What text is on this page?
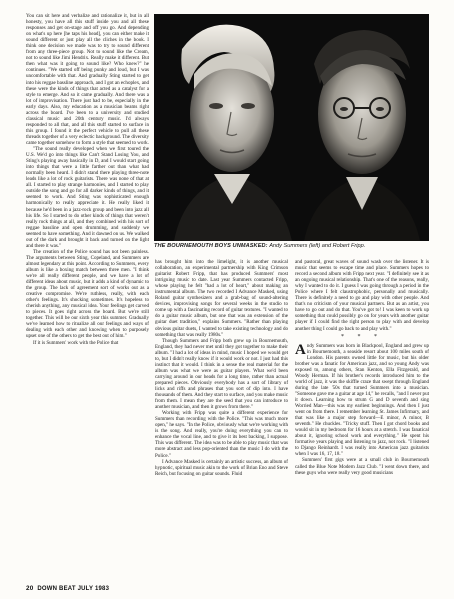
You can sit here and verbalize and rationalize it, but in all honesty, you have all this stuff inside you and all these responses and get on-stage and off you go. And depending on what's up here [he taps his head], you can either make it sound different or just play all the cliches in the book. I think one decision we made was to try to sound different from any three-piece group. Not to sound like the Cream, not to sound like Jimi Hendrix. Really make it different. But then what was it going to sound like? Who knew?" he continues. "We started off being punky and loud, but I was uncomfortable with that. And gradually Sting started to get into his reggae bassline approach, and I got an echoplex, and these were the kinds of things that acted as a catalyst for a style to emerge. And so it came gradually. And there was a lot of improvisation. There just had to be, especially in the early days. Also, my education as a musician beams right across the board. I've been to a university and studied classical music and 20th century music. I'd always responded to all that, and all this stuff started to surface in this group. I found it the perfect vehicle to pull all these threads together of a very eclectic background. The diversity came together somehow to form a style that seemed to work.

"The sound really developed when we first toured the U.S. We'd go into things like Can't Stand Losing You, and Sting's playing away basically in D, and I would start going into things that were a little farther out than what had normally been heard. I didn't stand there playing three-note leads like a lot of rock guitarists. There was none of that at all. I started to play strange harmonies, and I started to play outside the song and go for all darker kinds of things, and it seemed to work. And Sting was sophisticated enough harmonically to really appreciate it. He really liked it because he'd been in a jazz-rock group and been into jazz all his life. So I started to do other kinds of things that weren't really rock things at all, and they combined with his sort of reggae bassline and open drumming, and suddenly we seemed to have something. And it dawned on us. We walked out of the dark and brought it back and turned on the light and there it was."

The creation of the Police sound has not been painless. The arguments between Sting, Copeland, and Summers are almost legendary at this point. According to Summers, every album is like a boxing match between three men. "I think we're all really different people, and we have a lot of different ideas about music, but it adds a kind of dynamic to the group. The lack of agreement sort of works out as a creative compromise. We're ruthless, really, with each other's feelings. It's shocking sometimes. It's hopeless to cherish anything, any musical idea. Your feelings get carved to pieces. It goes right across the board. But we're still together. This will be our sixth year this summer. Gradually we've learned how to ritualize all our feelings and ways of dealing with each other and knowing when to purposely upset one of the others to get the best out of him."

If it is Summers' work with the Police that

THE BOURNEMOUTH BOYS UNMASKED: Andy Summers (left) and Robert Fripp.

has brought him into the limelight, it is another musical collaboration, an experimental partnership with King Crimson guitarist Robert Fripp, that has produced Summers' most intriguing music to date. Last year Summers contacted Fripp, whose playing he felt "had a lot of heart," about making an instrumental album. The two recorded I Advance Masked, using Roland guitar synthesizers and a grab-bag of sound-altering devices, improvising songs for several weeks in the studio to come up with a fascinating record of guitar textures. "I wanted to do a guitar music album, but one that was an extension of the guitar duet tradition," explains Summers. "Rather than playing obvious guitar duets, I wanted to take existing technology and do something that was really 1980s."

Though Summers and Fripp both grew up in Bournemouth, England, they had never met until they got together to make their album. "I had a lot of ideas in mind, music I hoped we would get to, but I didn't really know if it would work or not. I just had this instinct that it would. I think in a sense the real material for the album was what we were as guitar players. What we'd been carrying around in our heads for a long time, rather than actual prepared pieces. Obviously everybody has a sort of library of licks and riffs and phrases that you sort of dip into. I have thousands of them. And they start to surface, and you make music from them. I mean they are the seed that you can introduce to another musician, and then it grows from there."

Working with Fripp was quite a different experience for Summers than recording with the Police. "This was much more open," he says. "In the Police, obviously what we're working with is the song. And really, you're doing everything you can to enhance the vocal line, and to give it its best backing, I suppose. This was different. The idea was to be able to play music that was more abstract and less pop-oriented than the music I do with the Police."

I Advance Masked is certainly an artistic success, an album of hypnotic, spiritual music akin to the work of Brian Eno and Steve Reich, but focusing on guitar sounds. Fluid

and pastoral, great waves of sound wash over the listener. It is music that seems to escape time and place. Summers hopes to record a second album with Fripp next year. "I definitely see it as an ongoing musical relationship. That's one of the reasons, really, why I wanted to do it. I guess I was going through a period in the Police where I felt claustrophobic, personally and musically. There is definitely a need to go and play with other people. And that's no criticism of your musical partners. But as an artist, you have to go out and do that. You've got to! I was keen to work up something that could possibly go on for years with another guitar player if I could find the right person to play with and develop another thing I could go back to and play with."

* * *

Andy Summers was born in Blackpool, England and grew up in Bournemouth, a seaside resort about 100 miles south of London. His parents owned little for music, but his older brother was a fanatic for American jazz, and so young Andy was exposed to, among others, Stan Kenton, Ella Fitzgerald, and Woody Herman. If his brother's records introduced him to the world of jazz, it was the skiffle craze that swept through England during the late '50s that turned Summers into a musician. "Someone gave me a guitar at age 14," he recalls, "and I never put it down. Learning how to strum G and D seventh and sing Worried Man—this was my earliest beginnings. And then I just went on from there. I remember learning St. James Infirmary, and that was like a major step forward—E minor, A minor, B seventh." He chuckles. "Tricky stuff. Then I got chord books and would sit in my bedroom for 16 hours at a stretch. I was fanatical about it, ignoring school work and everything." He spent his formative years playing and listening to jazz, not rock. "I listened to Django Reinhardt. I was really into American jazz guitarists when I was 16, 17, 18."

Summers' first gigs were at a small club in Bournemouth called the Blue Note Modern Jazz Club. "I went down there, and these guys who were really very good musicians

20 DOWN BEAT JULY 1983
